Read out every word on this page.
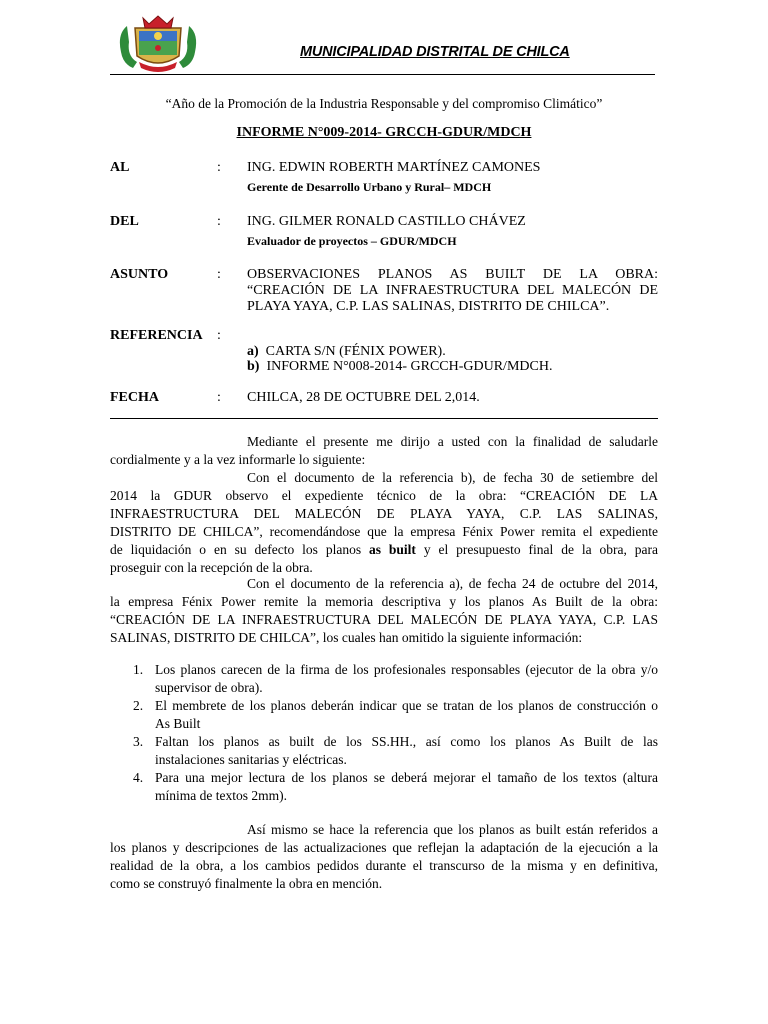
MUNICIPALIDAD DISTRITAL DE CHILCA
“Año de la Promoción de la Industria Responsable y del compromiso Climático”
INFORME N°009-2014- GRCCH-GDUR/MDCH
AL	: ING. EDWIN ROBERTH MARTÍNEZ CAMONES
Gerente de Desarrollo Urbano y Rural– MDCH
DEL	: ING. GILMER RONALD CASTILLO CHÁVEZ
Evaluador de proyectos – GDUR/MDCH
ASUNTO	: OBSERVACIONES PLANOS AS BUILT DE LA OBRA:
“CREACIÓN DE LA INFRAESTRUCTURA DEL MALECÓN DE
PLAYA YAYA, C.P. LAS SALINAS, DISTRITO DE CHILCA”.
REFERENCIA :
a) CARTA S/N (FÉNIX POWER).
b) INFORME N°008-2014- GRCCH-GDUR/MDCH.
FECHA	: CHILCA, 28 DE OCTUBRE DEL 2,014.
Mediante el presente me dirijo a usted con la finalidad de saludarle
cordialmente y a la vez informarle lo siguiente:
Con el documento de la referencia b), de fecha 30 de setiembre del
2014 la GDUR observo el expediente técnico de la obra: “CREACIÓN DE LA
INFRAESTRUCTURA DEL MALECÓN DE PLAYA YAYA, C.P. LAS SALINAS,
DISTRITO DE CHILCA”, recomendándose que la empresa Fénix Power remita el expediente
de liquidación o en su defecto los planos as built y el presupuesto final de la obra, para
proseguir con la recepción de la obra.
Con el documento de la referencia a), de fecha 24 de octubre del 2014,
la empresa Fénix Power remite la memoria descriptiva y los planos As Built de la obra:
“CREACIÓN DE LA INFRAESTRUCTURA DEL MALECÓN DE PLAYA YAYA, C.P. LAS
SALINAS, DISTRITO DE CHILCA”, los cuales han omitido la siguiente información:
1. Los planos carecen de la firma de los profesionales responsables (ejecutor de la obra y/o
supervisor de obra).
2. El membrete de los planos deberán indicar que se tratan de los planos de construcción o
As Built
3. Faltan los planos as built de los SS.HH., así como los planos As Built de las
instalaciones sanitarias y eléctricas.
4. Para una mejor lectura de los planos se deberá mejorar el tamaño de los textos (altura
mínima de textos 2mm).
Así mismo se hace la referencia que los planos as built están referidos a
los planos y descripciones de las actualizaciones que reflejan la adaptación de la ejecución a la
realidad de la obra, a los cambios pedidos durante el transcurso de la misma y en definitiva,
como se construyó finalmente la obra en mención.
